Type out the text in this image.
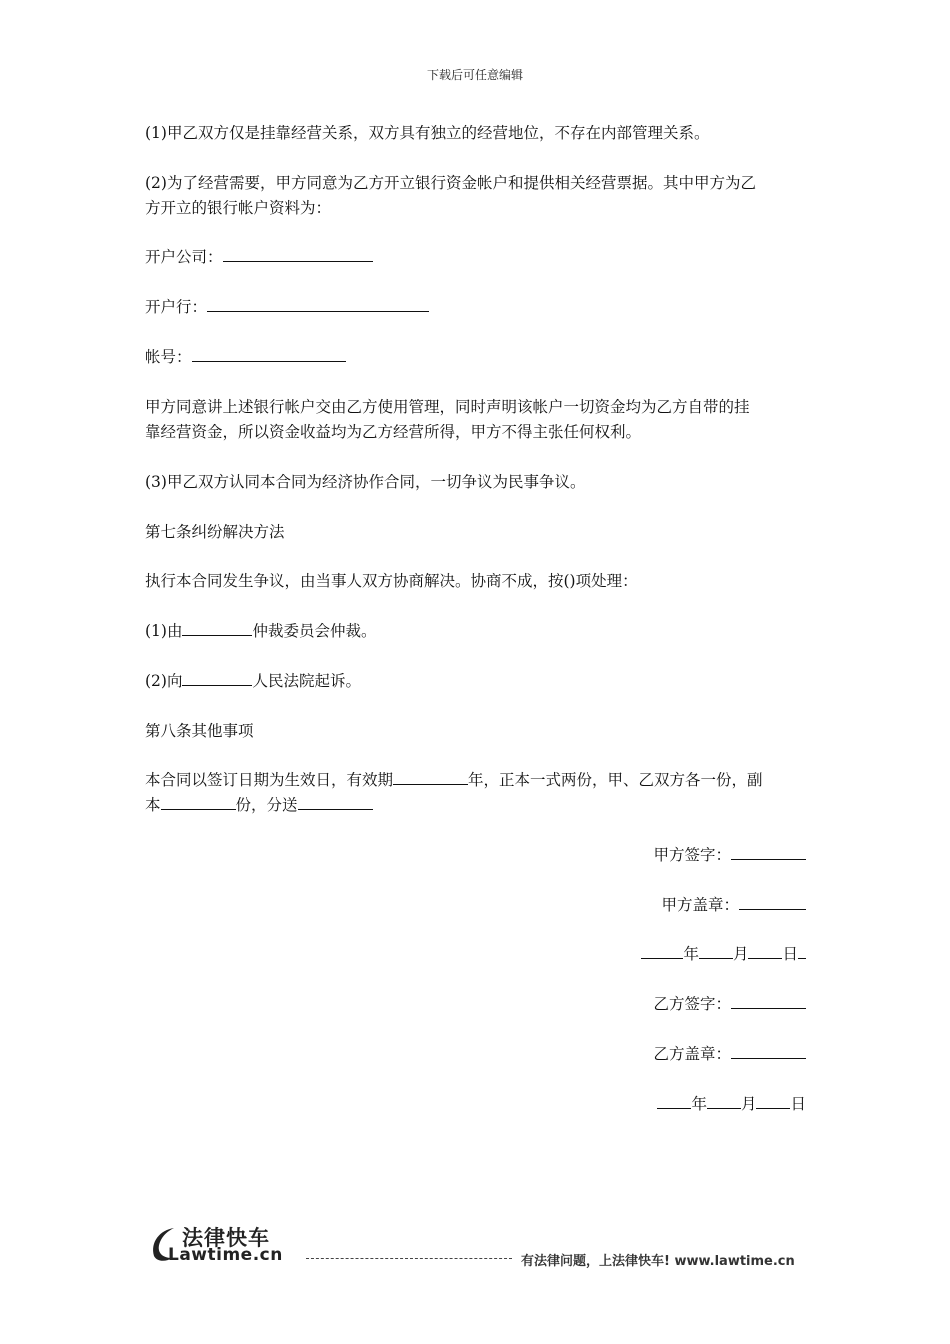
下载后可任意编辑
(1)甲乙双方仅是挂靠经营关系，双方具有独立的经营地位，不存在内部管理关系。
(2)为了经营需要，甲方同意为乙方开立银行资金帐户和提供相关经营票据。其中甲方为乙
方开立的银行帐户资料为：
开户公司：
开户行：
帐号：
甲方同意讲上述银行帐户交由乙方使用管理，同时声明该帐户一切资金均为乙方自带的挂
靠经营资金，所以资金收益均为乙方经营所得，甲方不得主张任何权利。
(3)甲乙双方认同本合同为经济协作合同，一切争议为民事争议。
第七条纠纷解决方法
执行本合同发生争议，由当事人双方协商解决。协商不成，按()项处理：
(1)由	仲裁委员会仲裁。
(2)向	人民法院起诉。
第八条其他事项
本合同以签订日期为生效日，有效期	年，正本一式两份，甲、乙双方各一份，副
本	份，分送
甲方签字：
甲方盖章：
年 月 日
乙方签字：
乙方盖章：
年 月 日
法律快车
Lawtime.cn	有法律问题，上法律快车! www.lawtime.cn
